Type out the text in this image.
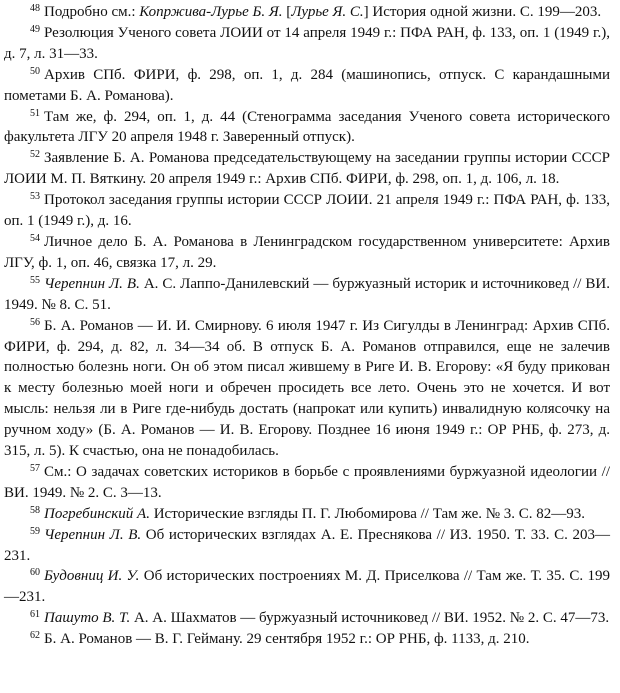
$^{48}$ Подробно см.: Копржива-Лурье Б. Я. [Лурье Я. С.] История одной жизни. С. 199—203.

$^{49}$ Резолюция Ученого совета ЛОИИ от 14 апреля 1949 г.: ПФА РАН, ф. 133, оп. 1 (1949 г.), д. 7, л. 31—33.

$^{50}$ Архив СПб. ФИРИ, ф. 298, оп. 1, д. 284 (машинопись, отпуск. С карандашными пометами Б. А. Романова).

$^{51}$ Там же, ф. 294, оп. 1, д. 44 (Стенограмма заседания Ученого совета исторического факультета ЛГУ 20 апреля 1948 г. Заверенный отпуск).

$^{52}$ Заявление Б. А. Романова председательствующему на заседании группы истории СССР ЛОИИ М. П. Вяткину. 20 апреля 1949 г.: Архив СПб. ФИРИ, ф. 298, оп. 1, д. 106, л. 18.

$^{53}$ Протокол заседания группы истории СССР ЛОИИ. 21 апреля 1949 г.: ПФА РАН, ф. 133, оп. 1 (1949 г.), д. 16.

$^{54}$ Личное дело Б. А. Романова в Ленинградском государственном университете: Архив ЛГУ, ф. 1, оп. 46, связка 17, л. 29.

$^{55}$ Черепнин Л. В. А. С. Лаппо-Данилевский — буржуазный историк и источниковед // ВИ. 1949. № 8. С. 51.

$^{56}$ Б. А. Романов — И. И. Смирнову. 6 июля 1947 г. Из Сигулды в Ленинград: Архив СПб. ФИРИ, ф. 294, д. 82, л. 34—34 об. В отпуск Б. А. Романов отправился, еще не залечив полностью болезнь ноги. Он об этом писал жившему в Риге И. В. Егорову: «Я буду прикован к месту болезнью моей ноги и обречен просидеть все лето. Очень это не хочется. И вот мысль: нельзя ли в Риге где-нибудь достать (напрокат или купить) инвалидную колясочку на ручном ходу» (Б. А. Романов — И. В. Егорову. Позднее 16 июня 1949 г.: ОР РНБ, ф. 273, д. 315, л. 5). К счастью, она не понадобилась.

$^{57}$ См.: О задачах советских историков в борьбе с проявлениями буржуазной идеологии // ВИ. 1949. № 2. С. 3—13.

$^{58}$ Погребинский А. Исторические взгляды П. Г. Любомирова // Там же. № 3. С. 82—93.

$^{59}$ Черепнин Л. В. Об исторических взглядах А. Е. Преснякова // ИЗ. 1950. Т. 33. С. 203—231.

$^{60}$ Будовниц И. У. Об исторических построениях М. Д. Приселкова // Там же. Т. 35. С. 199—231.

$^{61}$ Пашуто В. Т. А. А. Шахматов — буржуазный источниковед // ВИ. 1952. № 2. С. 47—73.

$^{62}$ Б. А. Романов — В. Г. Гейману. 29 сентября 1952 г.: ОР РНБ, ф. 1133, д. 210.
